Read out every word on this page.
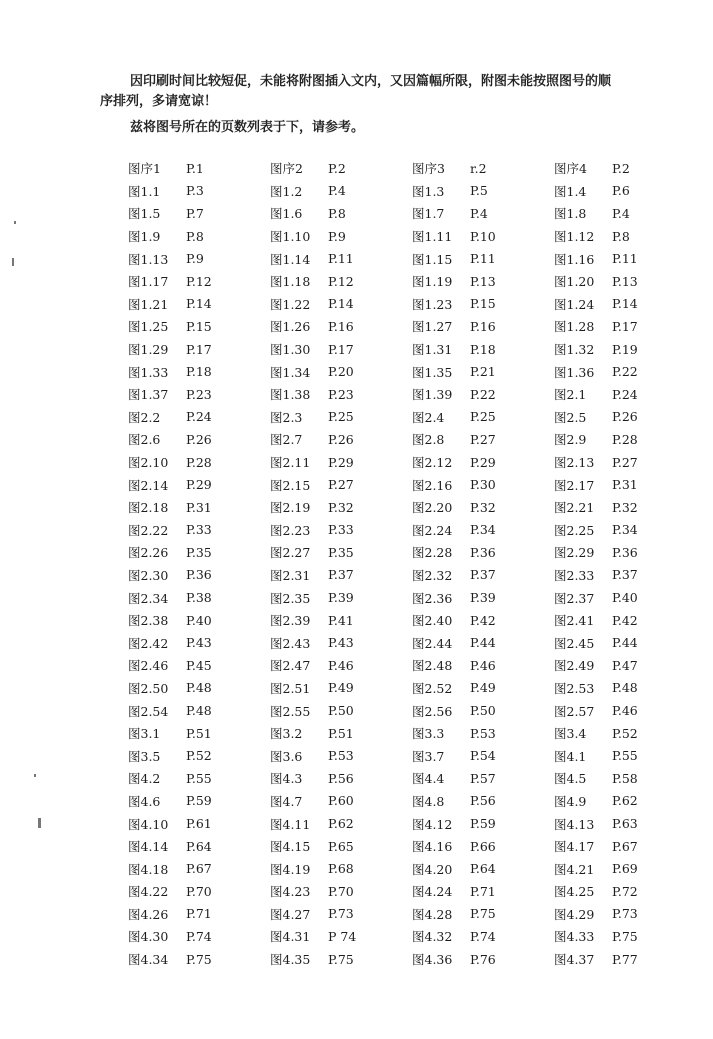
因印刷时间比较短促，未能将附图插入文内，又因篇幅所限，附图未能按照图号的顺

序排列，多请宽谅！

兹将图号所在的页数列表于下，请参考。

图序1	P.1	图序2	P.2	图序3	r.2	图序4	P.2
图1.1	P.3	图1.2	P.4	图1.3	P.5	图1.4	P.6
图1.5	P.7	图1.6	P.8	图1.7	P.4	图1.8	P.4
图1.9	P.8	图1.10	P.9	图1.11	P.10	图1.12	P.8
图1.13	P.9	图1.14	P.11	图1.15	P.11	图1.16	P.11
图1.17	P.12	图1.18	P.12	图1.19	P.13	图1.20	P.13
图1.21	P.14	图1.22	P.14	图1.23	P.15	图1.24	P.14
图1.25	P.15	图1.26	P.16	图1.27	P.16	图1.28	P.17
图1.29	P.17	图1.30	P.17	图1.31	P.18	图1.32	P.19
图1.33	P.18	图1.34	P.20	图1.35	P.21	图1.36	P.22
图1.37	P.23	图1.38	P.23	图1.39	P.22	图2.1	P.24
图2.2	P.24	图2.3	P.25	图2.4	P.25	图2.5	P.26
图2.6	P.26	图2.7	P.26	图2.8	P.27	图2.9	P.28
图2.10	P.28	图2.11	P.29	图2.12	P.29	图2.13	P.27
图2.14	P.29	图2.15	P.27	图2.16	P.30	图2.17	P.31
图2.18	P.31	图2.19	P.32	图2.20	P.32	图2.21	P.32
图2.22	P.33	图2.23	P.33	图2.24	P.34	图2.25	P.34
图2.26	P.35	图2.27	P.35	图2.28	P.36	图2.29	P.36
图2.30	P.36	图2.31	P.37	图2.32	P.37	图2.33	P.37
图2.34	P.38	图2.35	P.39	图2.36	P.39	图2.37	P.40
图2.38	P.40	图2.39	P.41	图2.40	P.42	图2.41	P.42
图2.42	P.43	图2.43	P.43	图2.44	P.44	图2.45	P.44
图2.46	P.45	图2.47	P.46	图2.48	P.46	图2.49	P.47
图2.50	P.48	图2.51	P.49	图2.52	P.49	图2.53	P.48
图2.54	P.48	图2.55	P.50	图2.56	P.50	图2.57	P.46
图3.1	P.51	图3.2	P.51	图3.3	P.53	图3.4	P.52
图3.5	P.52	图3.6	P.53	图3.7	P.54	图4.1	P.55
图4.2	P.55	图4.3	P.56	图4.4	P.57	图4.5	P.58
图4.6	P.59	图4.7	P.60	图4.8	P.56	图4.9	P.62
图4.10	P.61	图4.11	P.62	图4.12	P.59	图4.13	P.63
图4.14	P.64	图4.15	P.65	图4.16	P.66	图4.17	P.67
图4.18	P.67	图4.19	P.68	图4.20	P.64	图4.21	P.69
图4.22	P.70	图4.23	P.70	图4.24	P.71	图4.25	P.72
图4.26	P.71	图4.27	P.73	图4.28	P.75	图4.29	P.73
图4.30	P.74	图4.31	P 74	图4.32	P.74	图4.33	P.75
图4.34	P.75	图4.35	P.75	图4.36	P.76	图4.37	P.77
